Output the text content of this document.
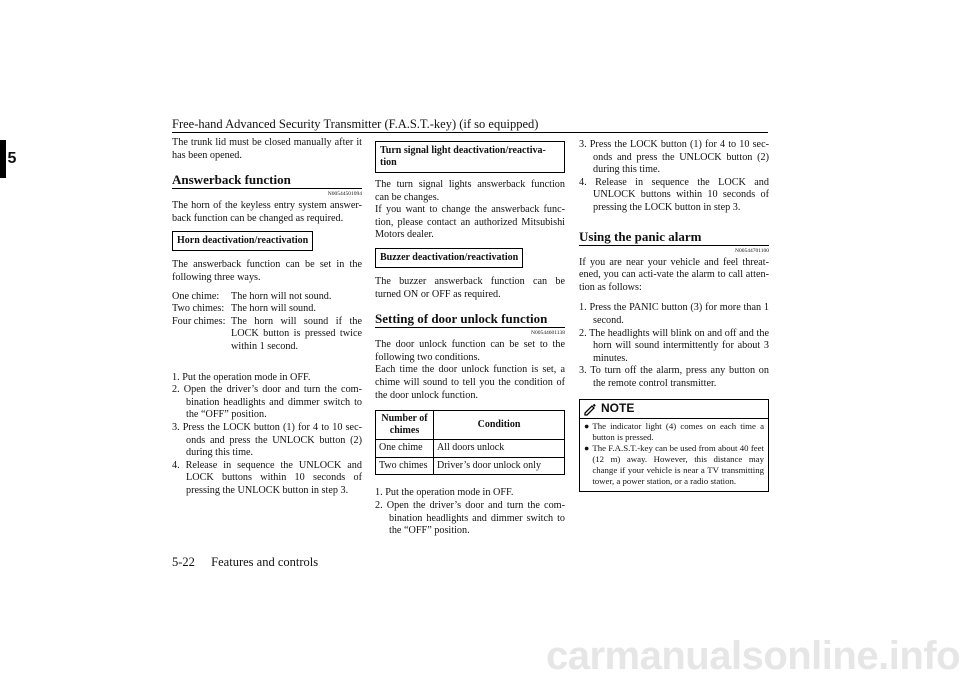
Free-hand Advanced Security Transmitter (F.A.S.T.-key) (if so equipped)
5

The trunk lid must be closed manually after it has been opened.

Answerback function
N00544501094

The horn of the keyless entry system answer-back function can be changed as required.

Horn deactivation/reactivation

The answerback function can be set in the following three ways.

One chime:	The horn will not sound.
Two chimes: The horn will sound.
Four chimes: The horn will sound if the LOCK button is pressed twice within 1 second.
1. Put the operation mode in OFF.
2. Open the driver’s door and turn the com-bination headlights and dimmer switch to the “OFF” position.
3. Press the LOCK button (1) for 4 to 10 sec-onds and press the UNLOCK button (2) during this time.
4. Release in sequence the UNLOCK and LOCK buttons within 10 seconds of pressing the UNLOCK button in step 3.
Turn signal light deactivation/reactiva-tion

The turn signal lights answerback function can be changes.
If you want to change the answerback func-tion, please contact an authorized Mitsubishi Motors dealer.

Buzzer deactivation/reactivation

The buzzer answerback function can be turned ON or OFF as required.

Setting of door unlock function
N00544601138

The door unlock function can be set to the following two conditions.
Each time the door unlock function is set, a chime will sound to tell you the condition of the door unlock function.

Number of chimes	Condition
One chime	All doors unlock
Two chimes	Driver’s door unlock only
1. Put the operation mode in OFF.
2. Open the driver’s door and turn the com-bination headlights and dimmer switch to the “OFF” position.
3. Press the LOCK button (1) for 4 to 10 sec-onds and press the UNLOCK button (2) during this time.
4. Release in sequence the LOCK and UNLOCK buttons within 10 seconds of pressing the LOCK button in step 3.
Using the panic alarm
N00544701100

If you are near your vehicle and feel threat-ened, you can acti-vate the alarm to call atten-tion as follows:

1. Press the PANIC button (3) for more than 1 second.
2. The headlights will blink on and off and the horn will sound intermittently for about 3 minutes.
3. To turn off the alarm, press any button on the remote control transmitter.
NOTE
● The indicator light (4) comes on each time a button is pressed.
● The F.A.S.T.-key can be used from about 40 feet (12 m) away. However, this distance may change if your vehicle is near a TV transmitting tower, a power station, or a radio station.
5-22 Features and controls
carmanualsonline.info
